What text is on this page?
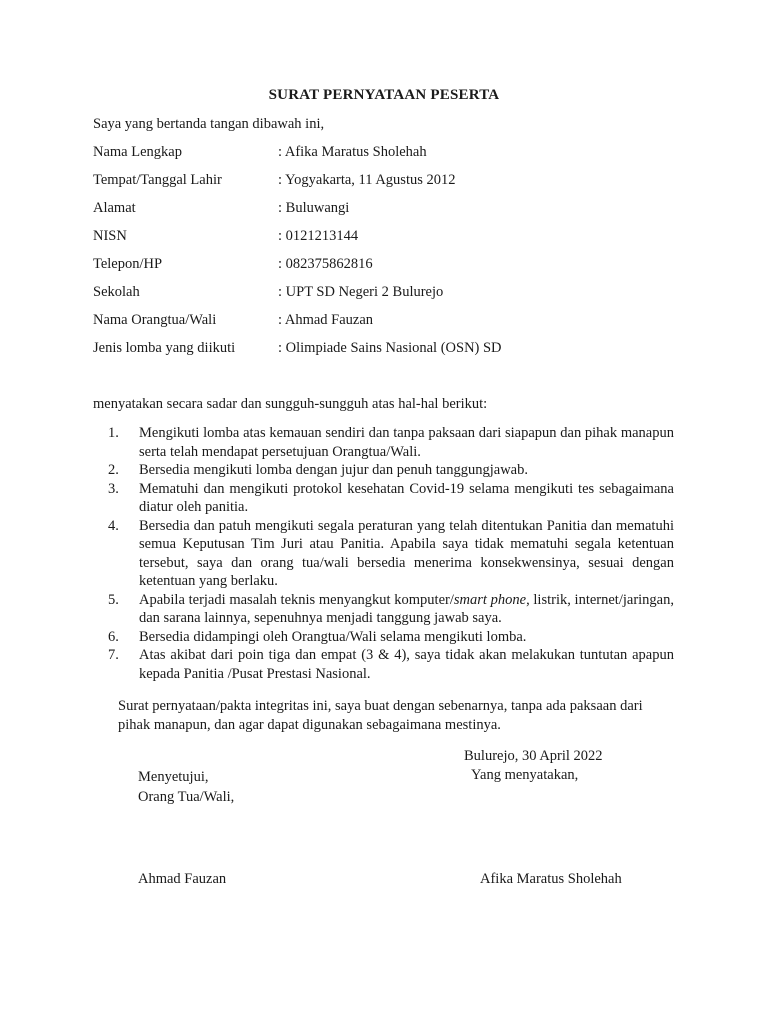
SURAT PERNYATAAN PESERTA
Saya yang bertanda tangan dibawah ini,
Nama Lengkap	: Afika Maratus Sholehah
Tempat/Tanggal Lahir	: Yogyakarta, 11 Agustus 2012
Alamat	: Buluwangi
NISN	: 0121213144
Telepon/HP	: 082375862816
Sekolah	: UPT SD Negeri 2 Bulurejo
Nama Orangtua/Wali	: Ahmad Fauzan
Jenis lomba yang diikuti	: Olimpiade Sains Nasional (OSN) SD
menyatakan secara sadar dan sungguh-sungguh atas hal-hal berikut:
1. Mengikuti lomba atas kemauan sendiri dan tanpa paksaan dari siapapun dan pihak manapun serta telah mendapat persetujuan Orangtua/Wali.
2. Bersedia mengikuti lomba dengan jujur dan penuh tanggungjawab.
3. Mematuhi dan mengikuti protokol kesehatan Covid-19 selama mengikuti tes sebagaimana diatur oleh panitia.
4. Bersedia dan patuh mengikuti segala peraturan yang telah ditentukan Panitia dan mematuhi semua Keputusan Tim Juri atau Panitia. Apabila saya tidak mematuhi segala ketentuan tersebut, saya dan orang tua/wali bersedia menerima konsekwensinya, sesuai dengan ketentuan yang berlaku.
5. Apabila terjadi masalah teknis menyangkut komputer/smart phone, listrik, internet/jaringan, dan sarana lainnya, sepenuhnya menjadi tanggung jawab saya.
6. Bersedia didampingi oleh Orangtua/Wali selama mengikuti lomba.
7. Atas akibat dari poin tiga dan empat (3 & 4), saya tidak akan melakukan tuntutan apapun kepada Panitia /Pusat Prestasi Nasional.
Surat pernyataan/pakta integritas ini, saya buat dengan sebenarnya, tanpa ada paksaan dari pihak manapun, dan agar dapat digunakan sebagaimana mestinya.
Bulurejo, 30 April 2022
Menyetujui,
Orang Tua/Wali,
Yang menyatakan,
Ahmad Fauzan	Afika Maratus Sholehah
